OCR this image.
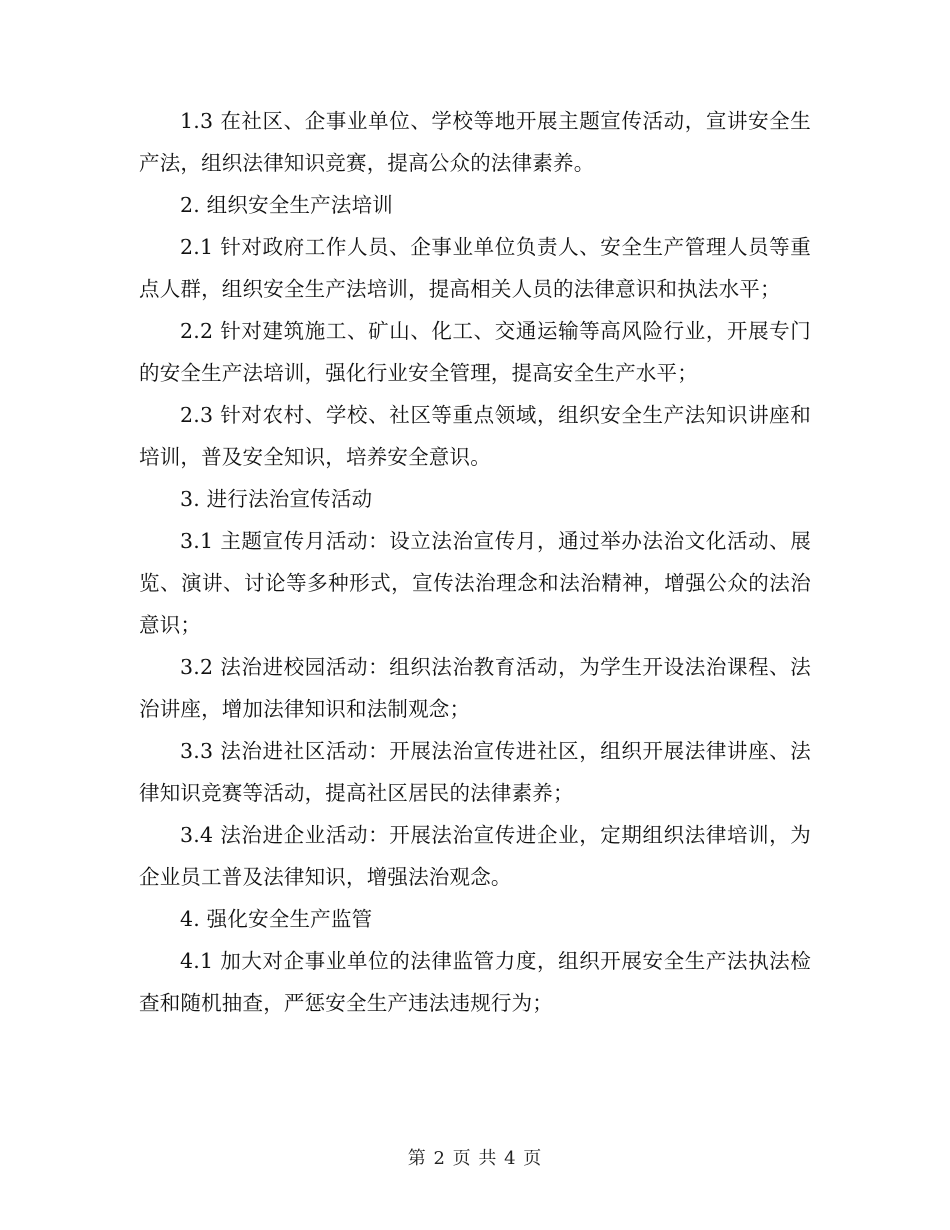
1.3 在社区、企事业单位、学校等地开展主题宣传活动，宣讲安全生产法，组织法律知识竞赛，提高公众的法律素养。

2. 组织安全生产法培训

2.1 针对政府工作人员、企事业单位负责人、安全生产管理人员等重点人群，组织安全生产法培训，提高相关人员的法律意识和执法水平；

2.2 针对建筑施工、矿山、化工、交通运输等高风险行业，开展专门的安全生产法培训，强化行业安全管理，提高安全生产水平；

2.3 针对农村、学校、社区等重点领域，组织安全生产法知识讲座和培训，普及安全知识，培养安全意识。

3. 进行法治宣传活动

3.1 主题宣传月活动：设立法治宣传月，通过举办法治文化活动、展览、演讲、讨论等多种形式，宣传法治理念和法治精神，增强公众的法治意识；

3.2 法治进校园活动：组织法治教育活动，为学生开设法治课程、法治讲座，增加法律知识和法制观念；

3.3 法治进社区活动：开展法治宣传进社区，组织开展法律讲座、法律知识竞赛等活动，提高社区居民的法律素养；

3.4 法治进企业活动：开展法治宣传进企业，定期组织法律培训，为企业员工普及法律知识，增强法治观念。

4. 强化安全生产监管

4.1 加大对企事业单位的法律监管力度，组织开展安全生产法执法检查和随机抽查，严惩安全生产违法违规行为；

第 2 页 共 4 页
